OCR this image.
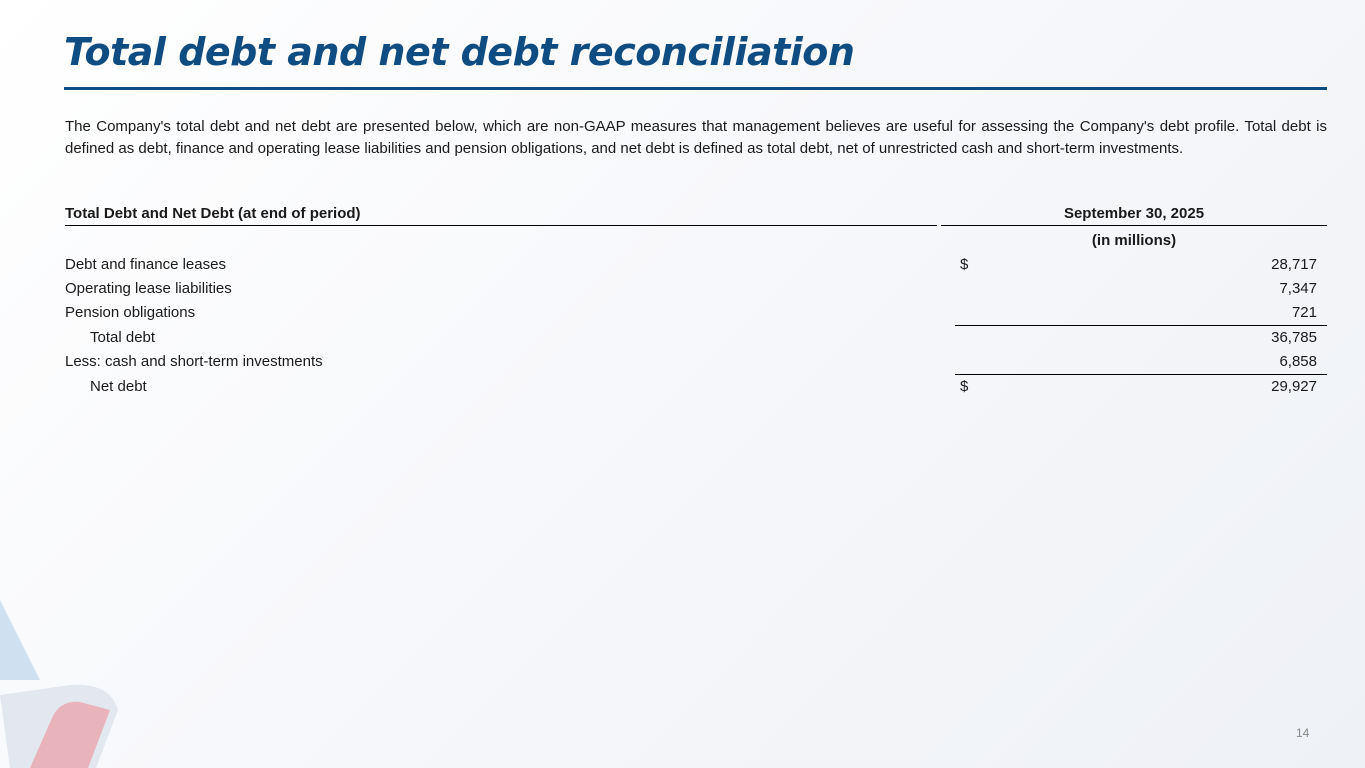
Total debt and net debt reconciliation

The Company's total debt and net debt are presented below, which are non-GAAP measures that management believes are useful for assessing the Company's debt profile. Total debt is defined as debt, finance and operating lease liabilities and pension obligations, and net debt is defined as total debt, net of unrestricted cash and short-term investments.

Total Debt and Net Debt (at end of period)	September 30, 2025
(in millions)
Debt and finance leases	$	28,717
Operating lease liabilities	7,347
Pension obligations	721
Total debt	36,785
Less: cash and short-term investments	6,858
Net debt	$	29,927
14
